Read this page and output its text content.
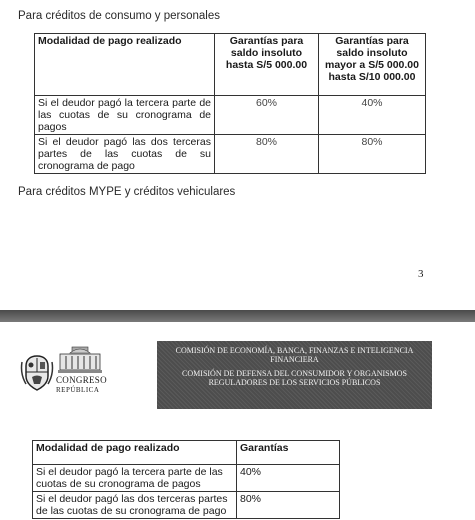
Para créditos de consumo y personales
Modalidad de pago realizado	Garantías para saldo insoluto hasta S/5 000.00	Garantías para saldo insoluto mayor a S/5 000.00 hasta S/10 000.00
Si el deudor pagó la tercera parte de las cuotas de su cronograma de pagos	60%	40%
Si el deudor pagó las dos terceras partes de las cuotas de su cronograma de pago	80%	80%
Para créditos MYPE y créditos vehiculares
3
CONGRESO
REPÚBLICA
COMISIÓN DE ECONOMÍA, BANCA, FINANZAS E INTELIGENCIA FINANCIERA
COMISIÓN DE DEFENSA DEL CONSUMIDOR Y ORGANISMOS REGULADORES DE LOS SERVICIOS PÚBLICOS
Modalidad de pago realizado	Garantías
Si el deudor pagó la tercera parte de las cuotas de su cronograma de pagos	40%
Si el deudor pagó las dos terceras partes de las cuotas de su cronograma de pago	80%
